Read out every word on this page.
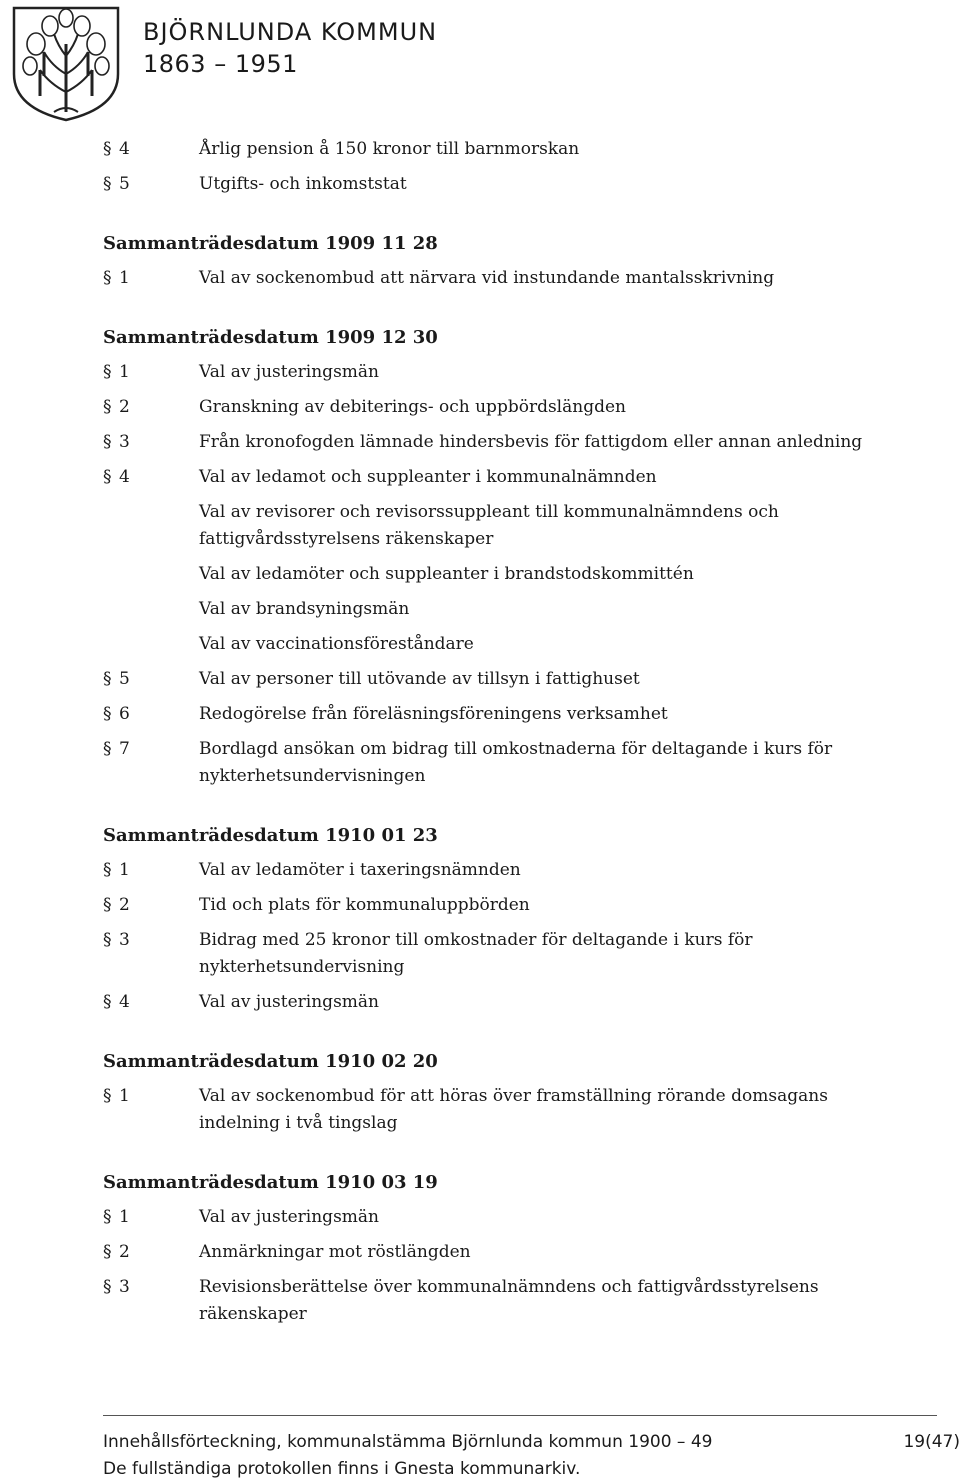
BJÖRNLUNDA KOMMUN
1863 – 1951
§ 4	Årlig pension å 150 kronor till barnmorskan
§ 5	Utgifts- och inkomststat
Sammanträdesdatum 1909 11 28
§ 1	Val av sockenombud att närvara vid instundande mantalsskrivning
Sammanträdesdatum 1909 12 30
§ 1	Val av justeringsmän
§ 2	Granskning av debiterings- och uppbördslängden
§ 3	Från kronofogden lämnade hindersbevis för fattigdom eller annan anledning
§ 4	Val av ledamot och suppleanter i kommunalnämnden
Val av revisorer och revisorssuppleant till kommunalnämndens och fattigvårdsstyrelsens räkenskaper
Val av ledamöter och suppleanter i brandstodskommittén
Val av brandsyningsmän
Val av vaccinationsföreståndare
§ 5	Val av personer till utövande av tillsyn i fattighuset
§ 6	Redogörelse från föreläsningsföreningens verksamhet
§ 7	Bordlagd ansökan om bidrag till omkostnaderna för deltagande i kurs för nykterhetsundervisningen
Sammanträdesdatum 1910 01 23
§ 1	Val av ledamöter i taxeringsnämnden
§ 2	Tid och plats för kommunaluppbörden
§ 3	Bidrag med 25 kronor till omkostnader för deltagande i kurs för nykterhetsundervisning
§ 4	Val av justeringsmän
Sammanträdesdatum 1910 02 20
§ 1	Val av sockenombud för att höras över framställning rörande domsagans indelning i två tingslag
Sammanträdesdatum 1910 03 19
§ 1	Val av justeringsmän
§ 2	Anmärkningar mot röstlängden
§ 3	Revisionsberättelse över kommunalnämndens och fattigvårdsstyrelsens räkenskaper
Innehållsförteckning, kommunalstämma Björnlunda kommun 1900 – 49
De fullständiga protokollen finns i Gnesta kommunarkiv.
19(47)
